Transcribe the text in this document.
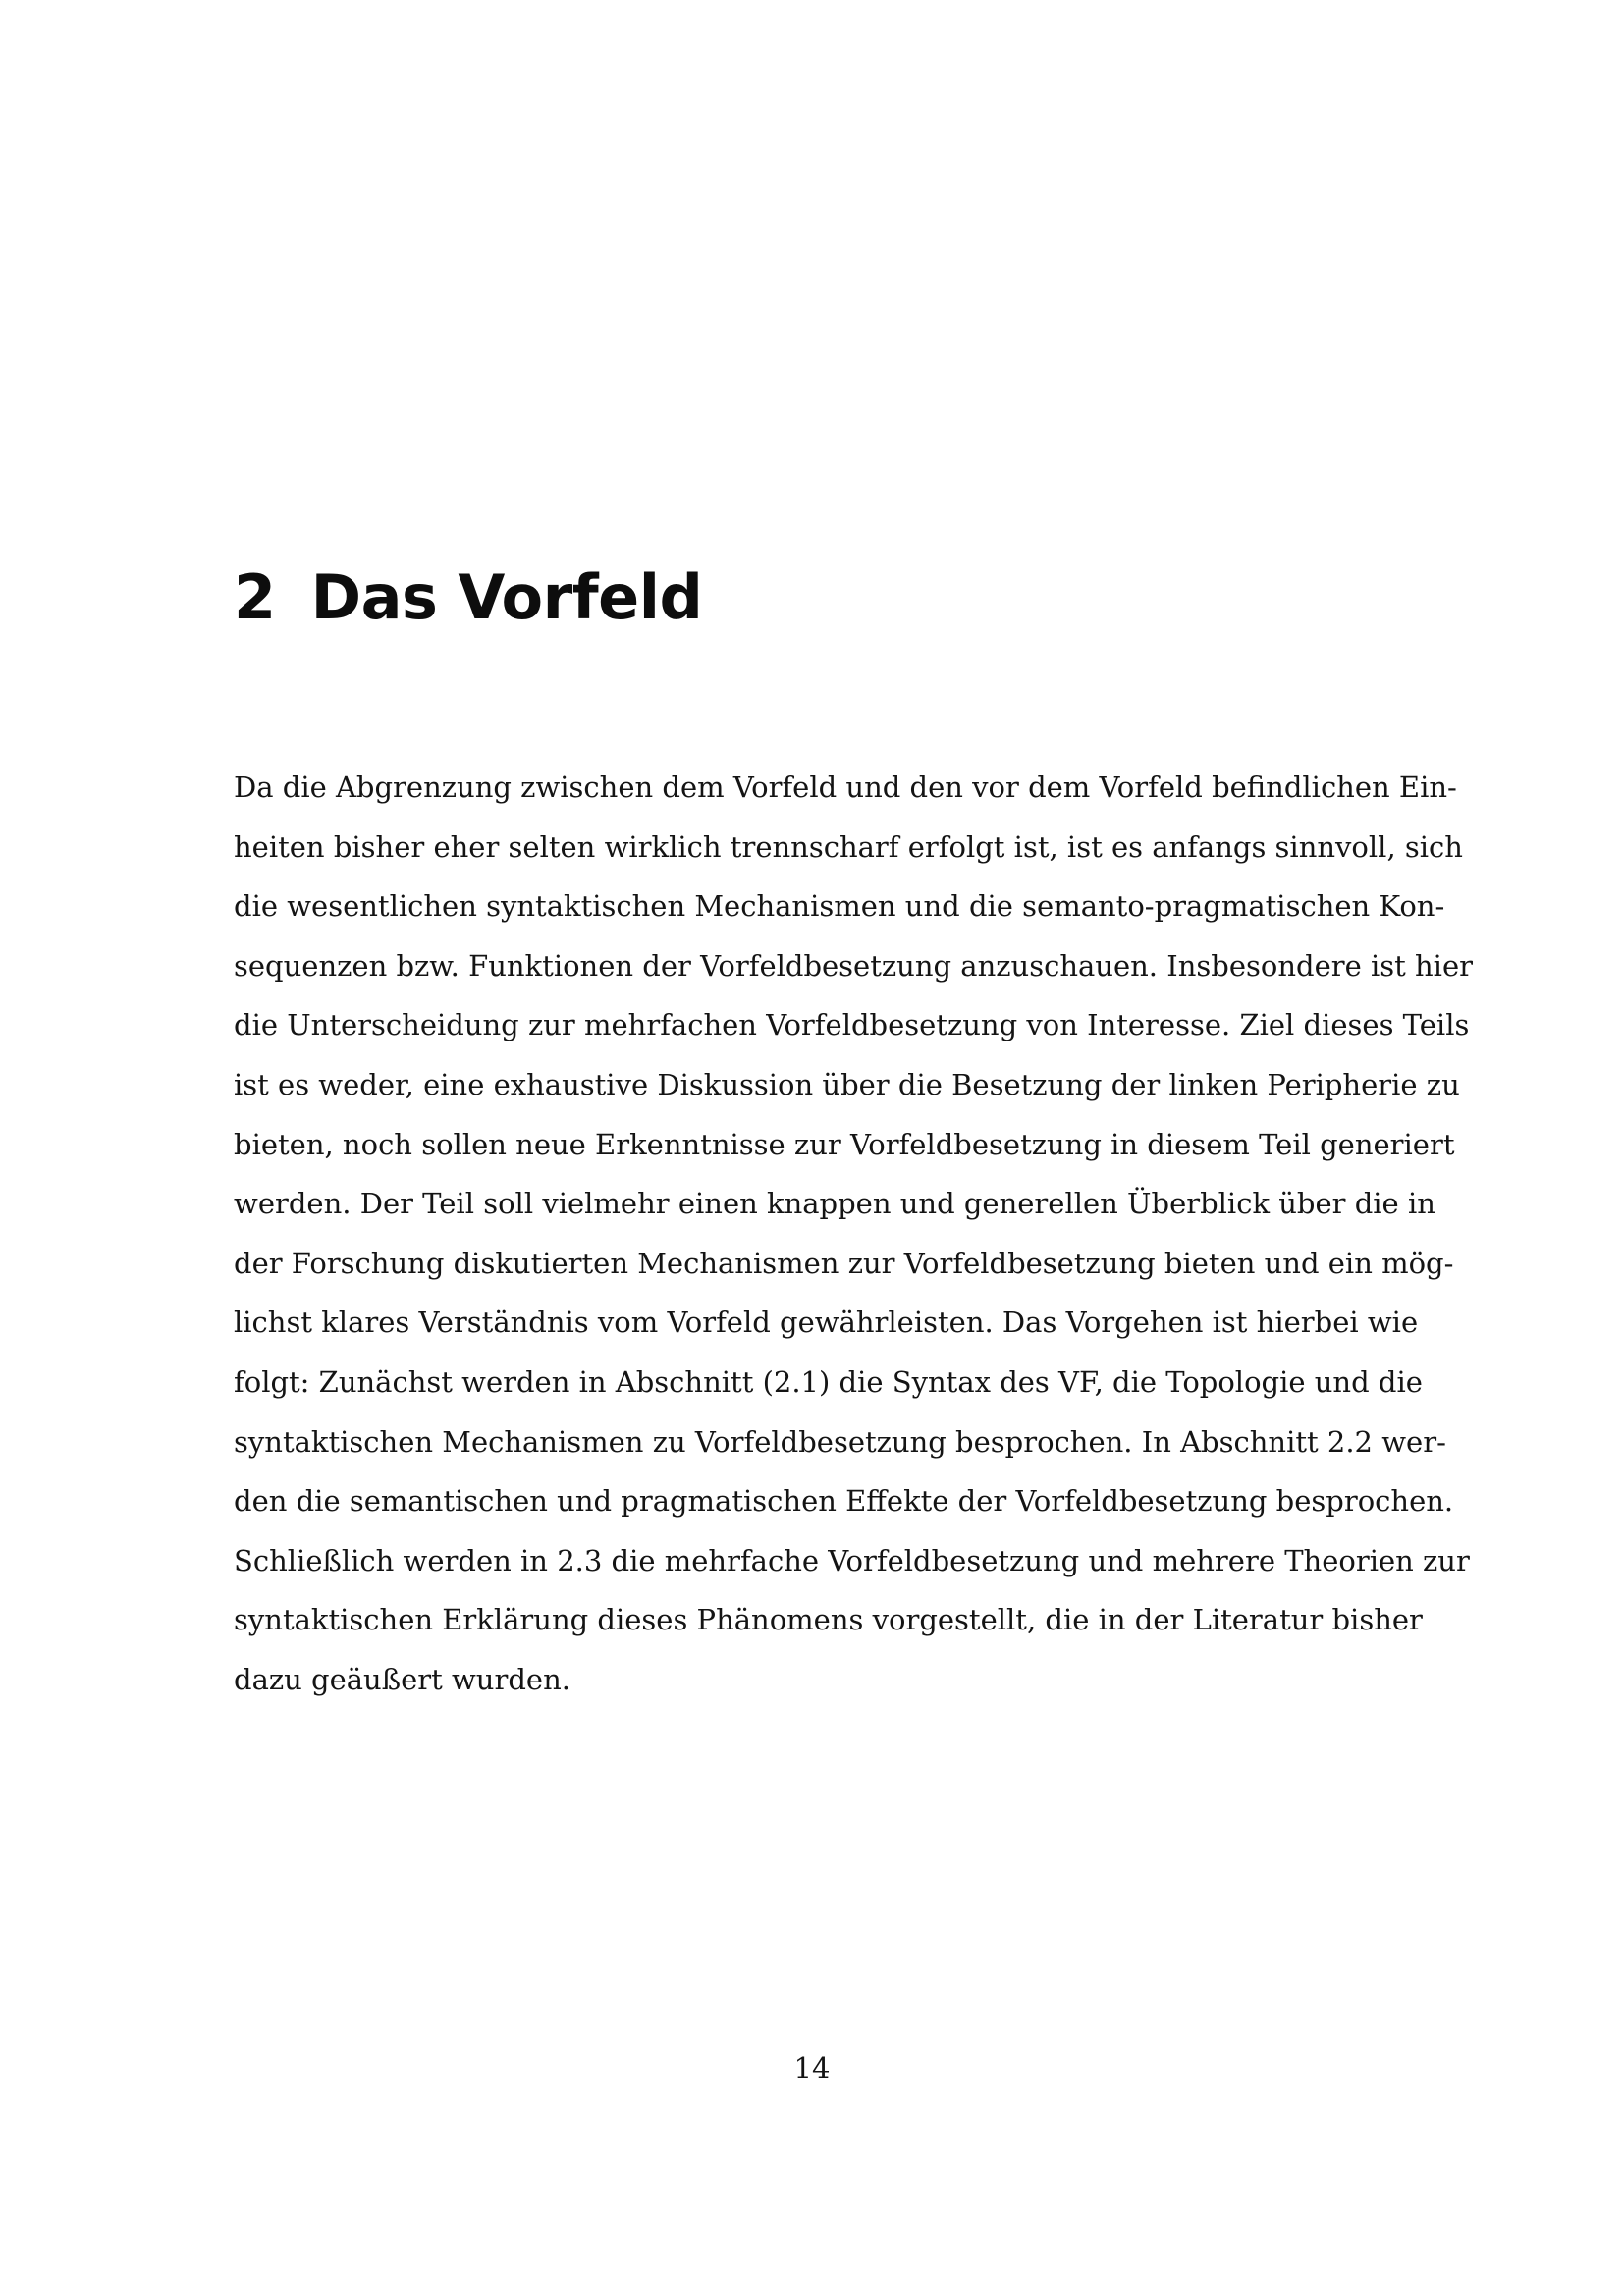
2 Das Vorfeld
Da die Abgrenzung zwischen dem Vorfeld und den vor dem Vorfeld befindlichen Ein-
heiten bisher eher selten wirklich trennscharf erfolgt ist, ist es anfangs sinnvoll, sich
die wesentlichen syntaktischen Mechanismen und die semanto-pragmatischen Kon-
sequenzen bzw. Funktionen der Vorfeldbesetzung anzuschauen. Insbesondere ist hier
die Unterscheidung zur mehrfachen Vorfeldbesetzung von Interesse. Ziel dieses Teils
ist es weder, eine exhaustive Diskussion über die Besetzung der linken Peripherie zu
bieten, noch sollen neue Erkenntnisse zur Vorfeldbesetzung in diesem Teil generiert
werden. Der Teil soll vielmehr einen knappen und generellen Überblick über die in
der Forschung diskutierten Mechanismen zur Vorfeldbesetzung bieten und ein mög-
lichst klares Verständnis vom Vorfeld gewährleisten. Das Vorgehen ist hierbei wie
folgt: Zunächst werden in Abschnitt (2.1) die Syntax des VF, die Topologie und die
syntaktischen Mechanismen zu Vorfeldbesetzung besprochen. In Abschnitt 2.2 wer-
den die semantischen und pragmatischen Effekte der Vorfeldbesetzung besprochen.
Schließlich werden in 2.3 die mehrfache Vorfeldbesetzung und mehrere Theorien zur
syntaktischen Erklärung dieses Phänomens vorgestellt, die in der Literatur bisher
dazu geäußert wurden.
14
